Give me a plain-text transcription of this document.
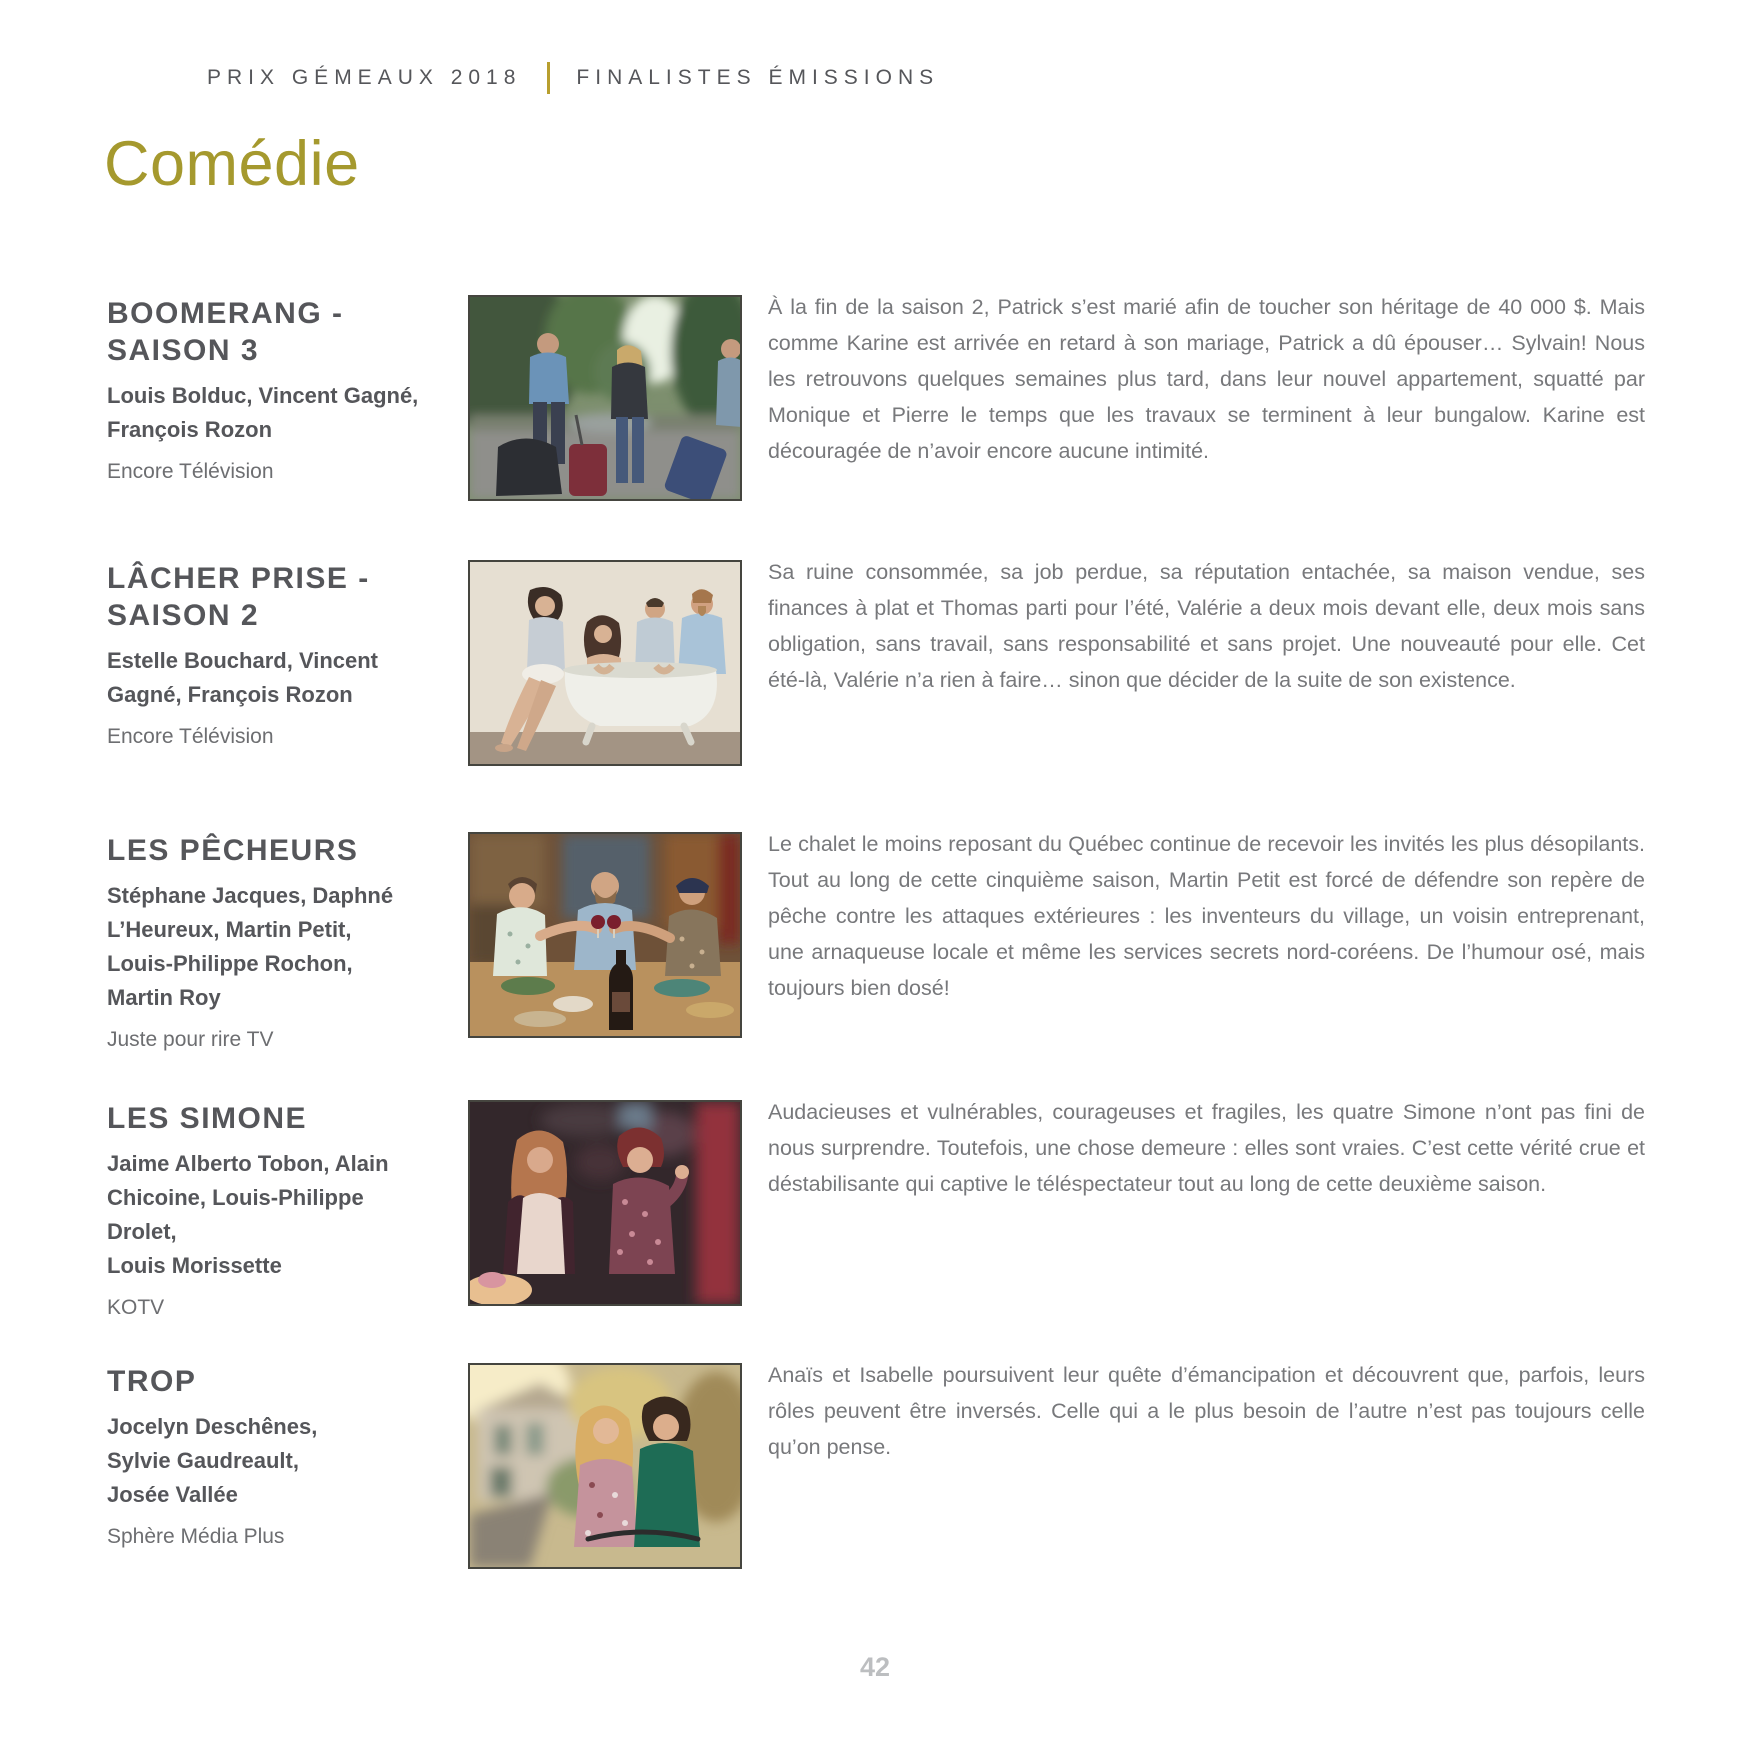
PRIX GÉMEAUX 2018	FINALISTES ÉMISSIONS
Comédie
BOOMERANG -
SAISON 3

Louis Bolduc, Vincent Gagné,
François Rozon

Encore Télévision

À la fin de la saison 2, Patrick s’est marié afin de toucher son héritage de 40 000 $. Mais comme Karine est arrivée en retard à son mariage, Patrick a dû épouser… Sylvain! Nous les retrouvons quelques semaines plus tard, dans leur nouvel appartement, squatté par Monique et Pierre le temps que les travaux se terminent à leur bungalow. Karine est découragée de n’avoir encore aucune intimité.

LÂCHER PRISE -
SAISON 2

Estelle Bouchard, Vincent
Gagné, François Rozon

Encore Télévision

Sa ruine consommée, sa job perdue, sa réputation entachée, sa maison vendue, ses finances à plat et Thomas parti pour l’été, Valérie a deux mois devant elle, deux mois sans obligation, sans travail, sans responsabilité et sans projet. Une nouveauté pour elle. Cet été-là, Valérie n’a rien à faire… sinon que décider de la suite de son existence.

LES PÊCHEURS

Stéphane Jacques, Daphné
L’Heureux, Martin Petit,
Louis-Philippe Rochon,
Martin Roy

Juste pour rire TV

Le chalet le moins reposant du Québec continue de recevoir les invités les plus désopilants. Tout au long de cette cinquième saison, Martin Petit est forcé de défendre son repère de pêche contre les attaques extérieures : les inventeurs du village, un voisin entreprenant, une arnaqueuse locale et même les services secrets nord-coréens. De l’humour osé, mais toujours bien dosé!

LES SIMONE

Jaime Alberto Tobon, Alain
Chicoine, Louis-Philippe Drolet,
Louis Morissette

KOTV

Audacieuses et vulnérables, courageuses et fragiles, les quatre Simone n’ont pas fini de nous surprendre. Toutefois, une chose demeure : elles sont vraies. C’est cette vérité crue et déstabilisante qui captive le téléspectateur tout au long de cette deuxième saison.

TROP

Jocelyn Deschênes,
Sylvie Gaudreault,
Josée Vallée

Sphère Média Plus

Anaïs et Isabelle poursuivent leur quête d’émancipation et découvrent que, parfois, leurs rôles peuvent être inversés. Celle qui a le plus besoin de l’autre n’est pas toujours celle qu’on pense.

42
